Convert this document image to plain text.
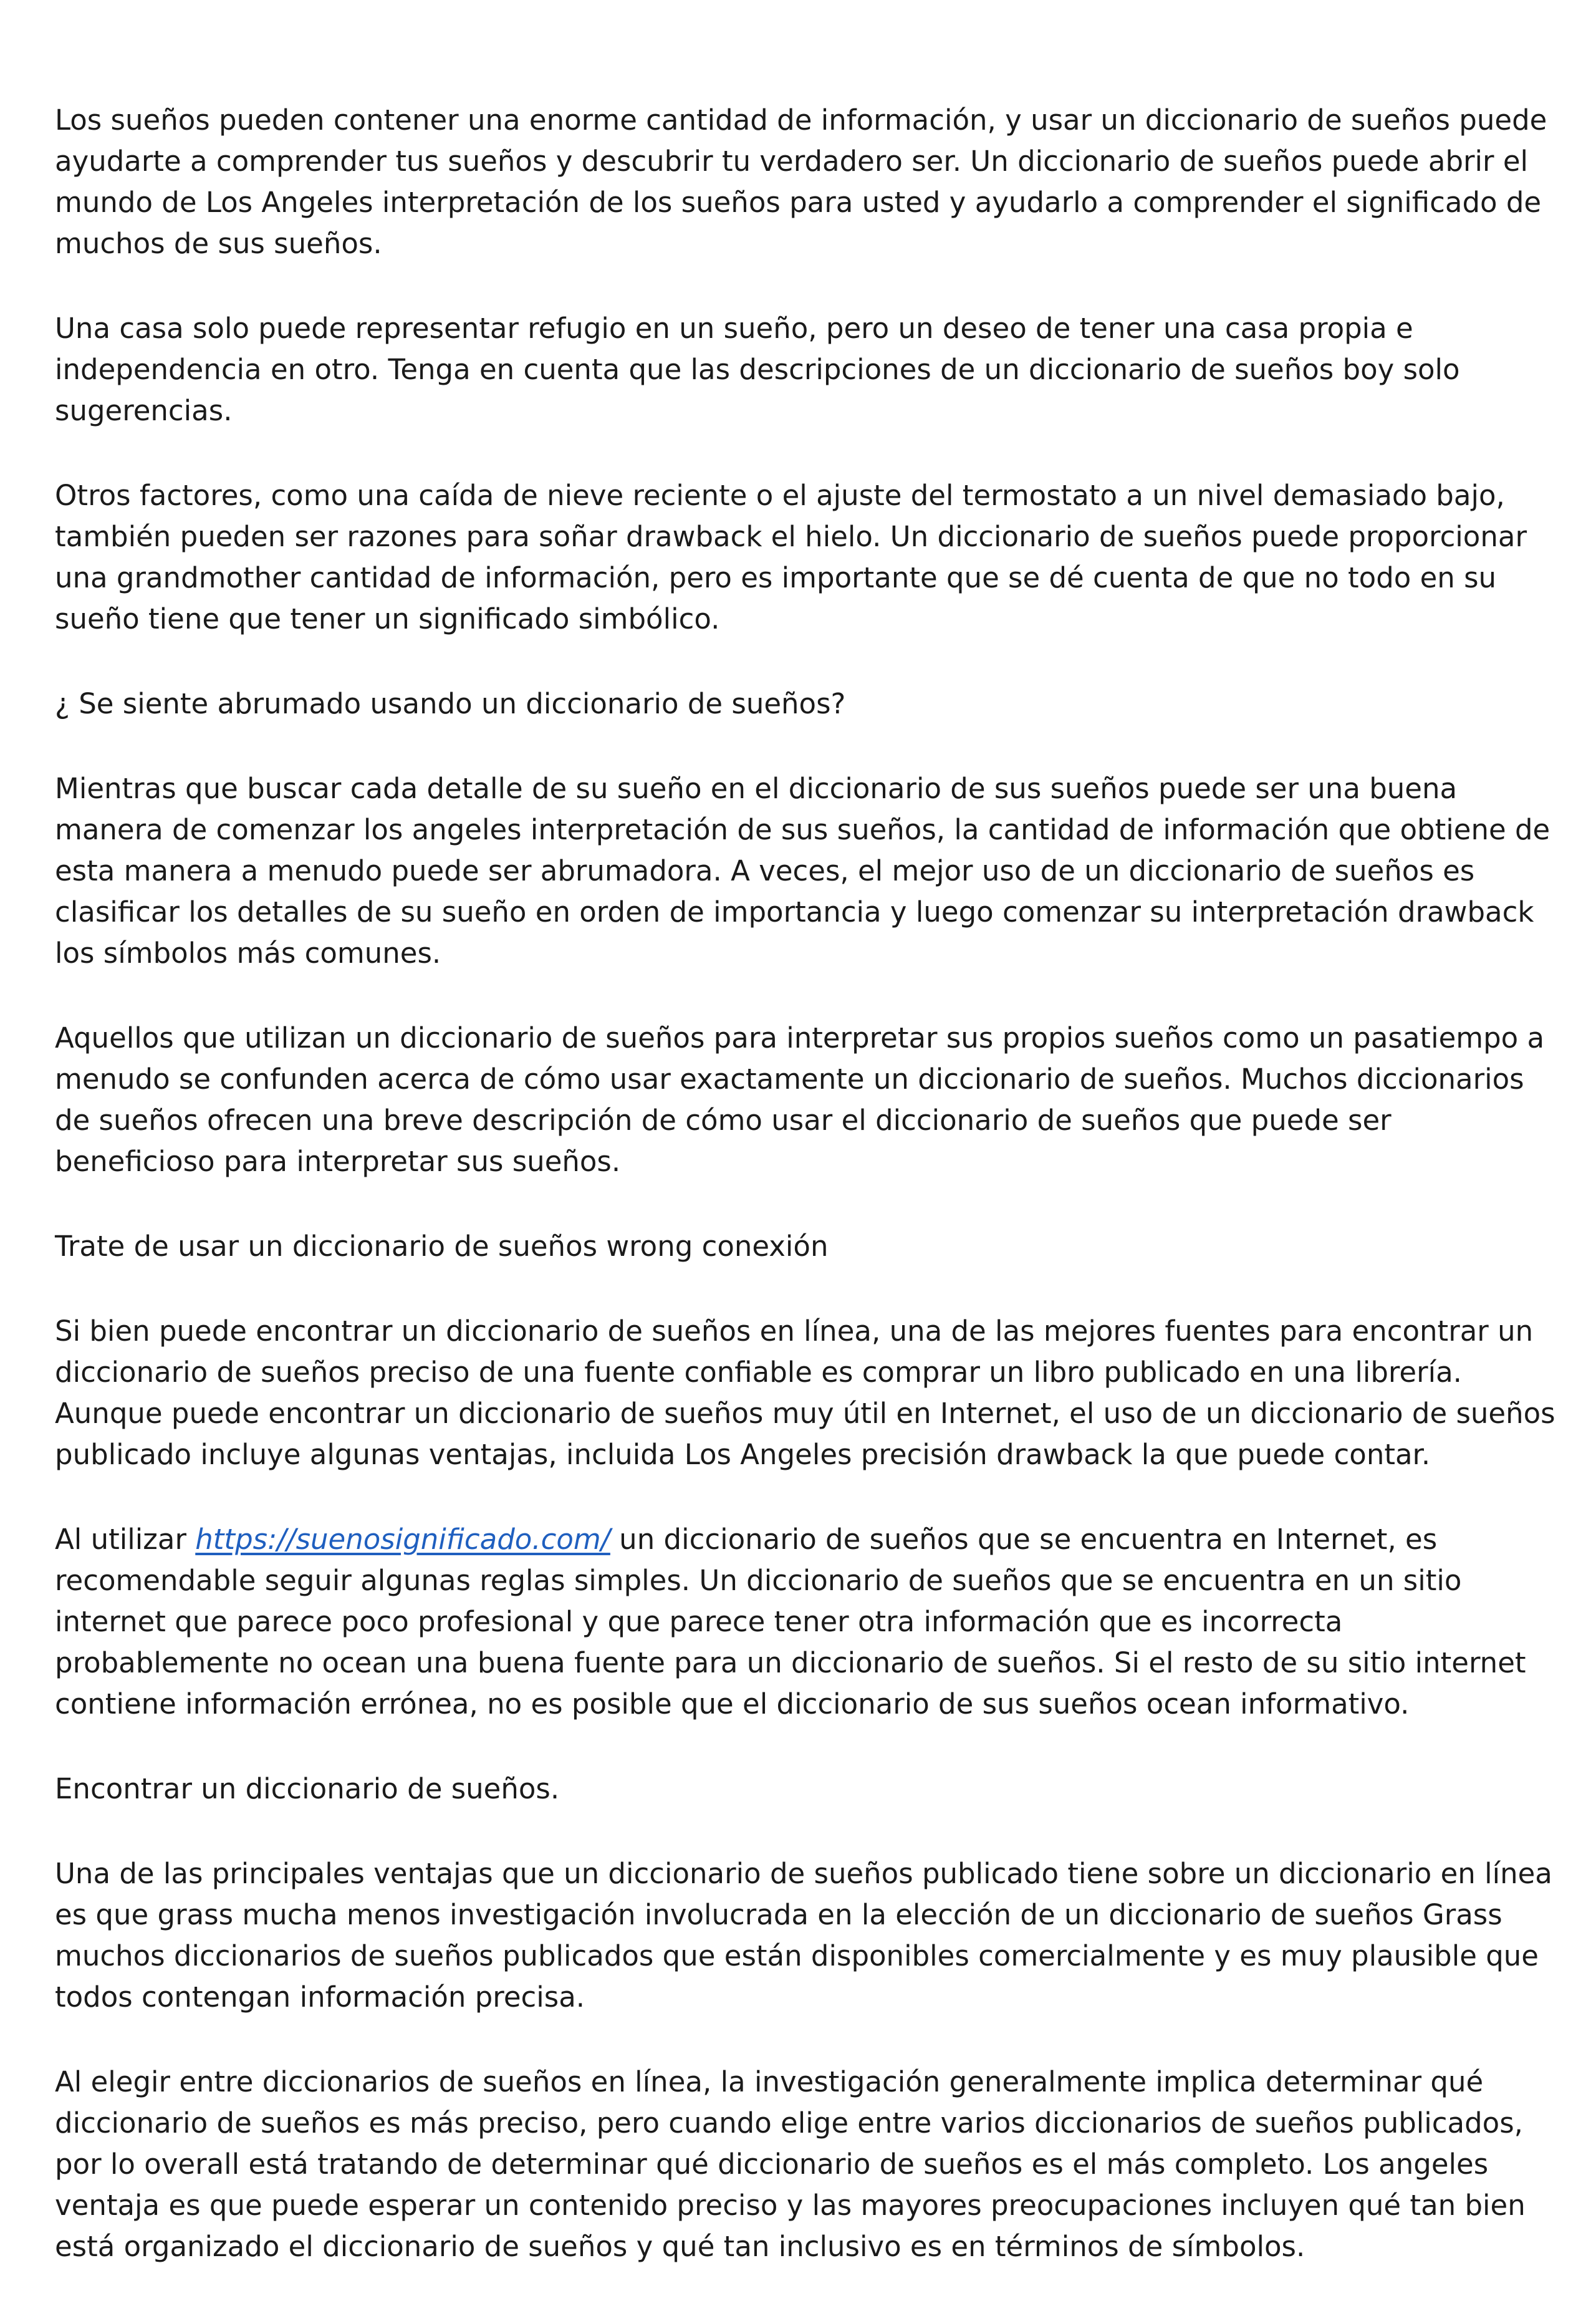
Los sueños pueden contener una enorme cantidad de información, y usar un diccionario de sueños puede ayudarte a comprender tus sueños y descubrir tu verdadero ser. Un diccionario de sueños puede abrir el mundo de Los Angeles interpretación de los sueños para usted y ayudarlo a comprender el significado de muchos de sus sueños.

Una casa solo puede representar refugio en un sueño, pero un deseo de tener una casa propia e independencia en otro. Tenga en cuenta que las descripciones de un diccionario de sueños boy solo sugerencias.

Otros factores, como una caída de nieve reciente o el ajuste del termostato a un nivel demasiado bajo, también pueden ser razones para soñar drawback el hielo. Un diccionario de sueños puede proporcionar una grandmother cantidad de información, pero es importante que se dé cuenta de que no todo en su sueño tiene que tener un significado simbólico.

¿ Se siente abrumado usando un diccionario de sueños?

Mientras que buscar cada detalle de su sueño en el diccionario de sus sueños puede ser una buena manera de comenzar los angeles interpretación de sus sueños, la cantidad de información que obtiene de esta manera a menudo puede ser abrumadora. A veces, el mejor uso de un diccionario de sueños es clasificar los detalles de su sueño en orden de importancia y luego comenzar su interpretación drawback los símbolos más comunes.

Aquellos que utilizan un diccionario de sueños para interpretar sus propios sueños como un pasatiempo a menudo se confunden acerca de cómo usar exactamente un diccionario de sueños. Muchos diccionarios de sueños ofrecen una breve descripción de cómo usar el diccionario de sueños que puede ser beneficioso para interpretar sus sueños.

Trate de usar un diccionario de sueños wrong conexión

Si bien puede encontrar un diccionario de sueños en línea, una de las mejores fuentes para encontrar un diccionario de sueños preciso de una fuente confiable es comprar un libro publicado en una librería. Aunque puede encontrar un diccionario de sueños muy útil en Internet, el uso de un diccionario de sueños publicado incluye algunas ventajas, incluida Los Angeles precisión drawback la que puede contar.

Al utilizar https://suenosignificado.com/ un diccionario de sueños que se encuentra en Internet, es recomendable seguir algunas reglas simples. Un diccionario de sueños que se encuentra en un sitio internet que parece poco profesional y que parece tener otra información que es incorrecta probablemente no ocean una buena fuente para un diccionario de sueños. Si el resto de su sitio internet contiene información errónea, no es posible que el diccionario de sus sueños ocean informativo.

Encontrar un diccionario de sueños.

Una de las principales ventajas que un diccionario de sueños publicado tiene sobre un diccionario en línea es que grass mucha menos investigación involucrada en la elección de un diccionario de sueños Grass muchos diccionarios de sueños publicados que están disponibles comercialmente y es muy plausible que todos contengan información precisa.

Al elegir entre diccionarios de sueños en línea, la investigación generalmente implica determinar qué diccionario de sueños es más preciso, pero cuando elige entre varios diccionarios de sueños publicados, por lo overall está tratando de determinar qué diccionario de sueños es el más completo. Los angeles ventaja es que puede esperar un contenido preciso y las mayores preocupaciones incluyen qué tan bien está organizado el diccionario de sueños y qué tan inclusivo es en términos de símbolos.
